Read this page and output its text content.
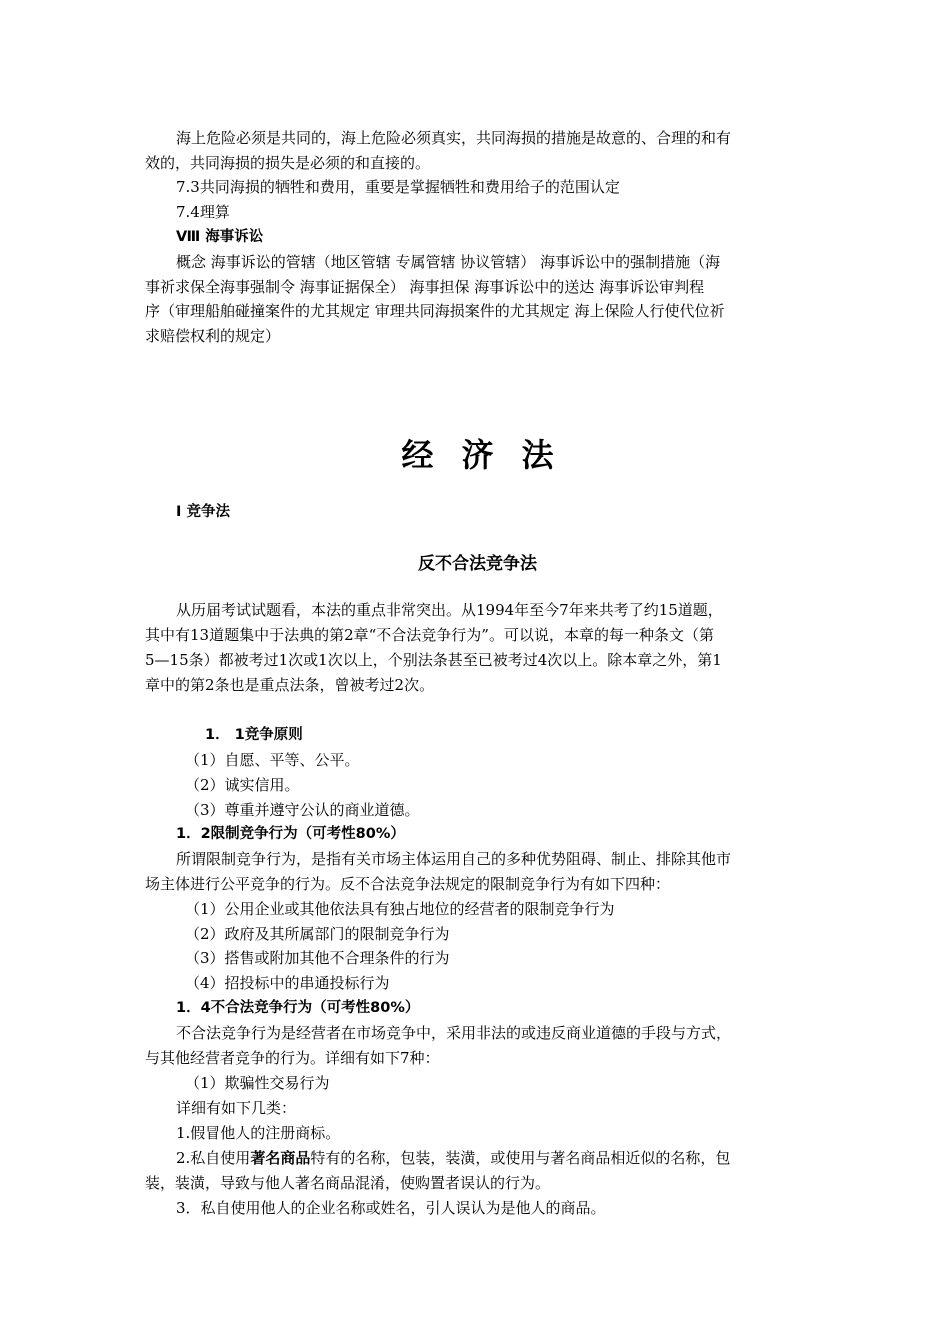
海上危险必须是共同的，海上危险必须真实，共同海损的措施是故意的、合理的和有
效的，共同海损的损失是必须的和直接的。
7.3共同海损的牺牲和费用，重要是掌握牺牲和费用给子的范围认定
7.4理算
Ⅷ 海事诉讼
概念 海事诉讼的管辖（地区管辖 专属管辖 协议管辖） 海事诉讼中的强制措施（海
事祈求保全海事强制令 海事证据保全） 海事担保 海事诉讼中的送达 海事诉讼审判程
序（审理船舶碰撞案件的尤其规定 审理共同海损案件的尤其规定 海上保险人行使代位祈
求赔偿权利的规定）
经济法
Ⅰ 竞争法
反不合法竞争法
从历届考试试题看，本法的重点非常突出。从1994年至今7年来共考了约15道题，
其中有13道题集中于法典的第2章“不合法竞争行为”。可以说，本章的每一种条文（第
5—15条）都被考过1次或1次以上，个别法条甚至已被考过4次以上。除本章之外，第1
章中的第2条也是重点法条，曾被考过2次。
1． 1竞争原则
（1）自愿、平等、公平。
（2）诚实信用。
（3）尊重并遵守公认的商业道德。
1．2限制竞争行为（可考性80%）
所谓限制竞争行为，是指有关市场主体运用自己的多种优势阻碍、制止、排除其他市
场主体进行公平竞争的行为。反不合法竞争法规定的限制竞争行为有如下四种：
（1）公用企业或其他依法具有独占地位的经营者的限制竞争行为
（2）政府及其所属部门的限制竞争行为
（3）搭售或附加其他不合理条件的行为
（4）招投标中的串通投标行为
1．4不合法竞争行为（可考性80%）
不合法竞争行为是经营者在市场竞争中，采用非法的或违反商业道德的手段与方式，
与其他经营者竞争的行为。详细有如下7种：
（1）欺骗性交易行为
详细有如下几类：
1.假冒他人的注册商标。
2.私自使用著名商品特有的名称，包装，装潢，或使用与著名商品相近似的名称，包
装，装潢，导致与他人著名商品混淆，使购置者误认的行为。
3．私自使用他人的企业名称或姓名，引人误认为是他人的商品。
